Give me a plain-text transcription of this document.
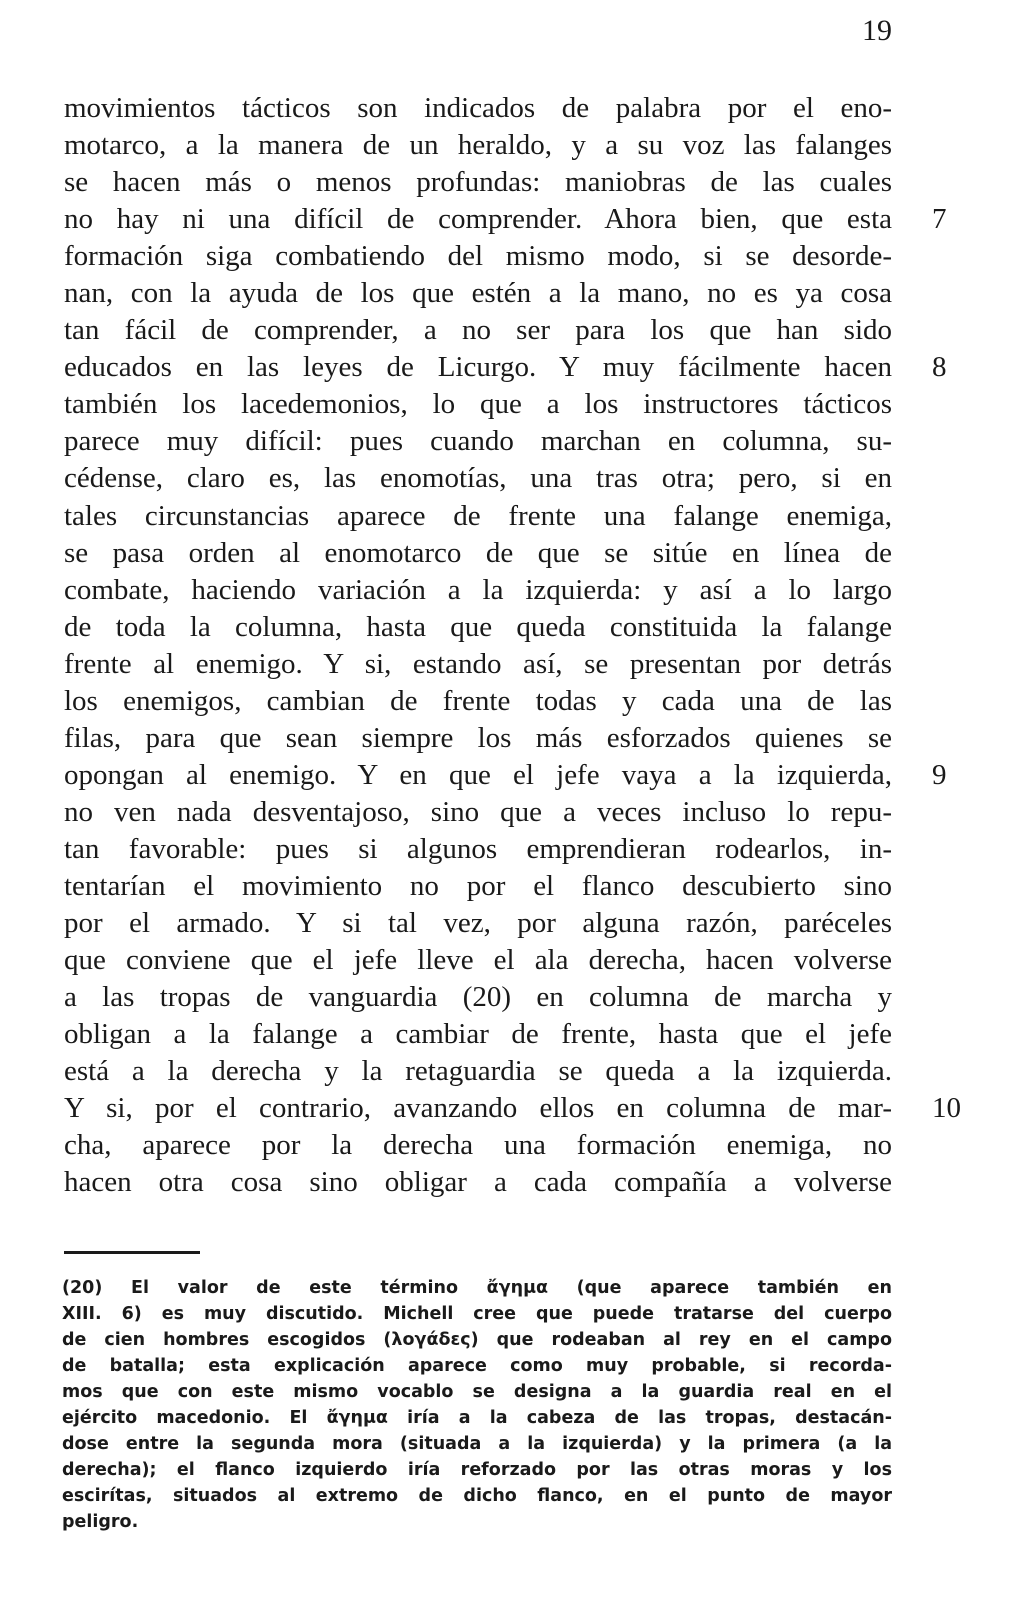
19
movimientos tácticos son indicados de palabra por el eno-
motarco, a la manera de un heraldo, y a su voz las falanges
se hacen más o menos profundas: maniobras de las cuales
no hay ni una difícil de comprender. Ahora bien, que esta 7
formación siga combatiendo del mismo modo, si se desorde-
nan, con la ayuda de los que estén a la mano, no es ya cosa
tan fácil de comprender, a no ser para los que han sido
educados en las leyes de Licurgo. Y muy fácilmente hacen 8
también los lacedemonios, lo que a los instructores tácticos
parece muy difícil: pues cuando marchan en columna, su-
cédense, claro es, las enomotías, una tras otra; pero, si en
tales circunstancias aparece de frente una falange enemiga,
se pasa orden al enomotarco de que se sitúe en línea de
combate, haciendo variación a la izquierda: y así a lo largo
de toda la columna, hasta que queda constituida la falange
frente al enemigo. Y si, estando así, se presentan por detrás
los enemigos, cambian de frente todas y cada una de las
filas, para que sean siempre los más esforzados quienes se
opongan al enemigo. Y en que el jefe vaya a la izquierda, 9
no ven nada desventajoso, sino que a veces incluso lo repu-
tan favorable: pues si algunos emprendieran rodearlos, in-
tentarían el movimiento no por el flanco descubierto sino
por el armado. Y si tal vez, por alguna razón, paréceles
que conviene que el jefe lleve el ala derecha, hacen volverse
a las tropas de vanguardia (20) en columna de marcha y
obligan a la falange a cambiar de frente, hasta que el jefe
está a la derecha y la retaguardia se queda a la izquierda.
Y si, por el contrario, avanzando ellos en columna de mar- 10
cha, aparece por la derecha una formación enemiga, no
hacen otra cosa sino obligar a cada compañía a volverse
(20) El valor de este término ἄγημα (que aparece también en
XIII. 6) es muy discutido. Michell cree que puede tratarse del cuerpo
de cien hombres escogidos (λογάδες) que rodeaban al rey en el campo
de batalla; esta explicación aparece como muy probable, si recorda-
mos que con este mismo vocablo se designa a la guardia real en el
ejército macedonio. El ἄγημα iría a la cabeza de las tropas, destacán-
dose entre la segunda mora (situada a la izquierda) y la primera (a la
derecha); el flanco izquierdo iría reforzado por las otras moras y los
escirítas, situados al extremo de dicho flanco, en el punto de mayor
peligro.
